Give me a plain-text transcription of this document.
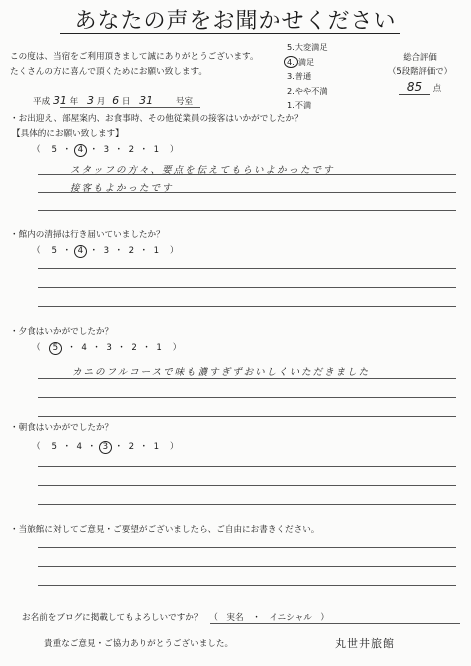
あなたの声をお聞かせください
この度は、当宿をご利用頂きまして誠にありがとうございます。
たくさんの方に喜んで頂くためにお願い致します。
5.大変満足
4. 満足
3.普通
2.やや不満
1.不満
総合評価
（5段階評価で）
85 点
平成 31 年 3 月 6 日 31	号室
・お出迎え、部屋案内、お食事時、その他従業員の接客はいかがでしたか？
【具体的にお願い致します】
（    5  ・ 4 ・  3  ・  2  ・  1    ）
スタッフの方々、要点を伝えてもらいよかったです
接客もよかったです
・館内の清掃は行き届いていましたか？
（    5  ・ 4 ・  3  ・  2  ・  1    ）
・夕食はいかがでしたか？
（   5  ・  4  ・  3  ・  2  ・  1    ）
カニのフルコースで味も濃すぎずおいしくいただきました
・朝食はいかがでしたか？
（    5  ・  4  ・ 3 ・  2  ・  1    ）
・当旅館に対してご意見・ご要望がございましたら、ご自由にお書きください。
お名前をブログに掲載してもよろしいですか？ （　実名　・　イニシャル　）
貴重なご意見・ご協力ありがとうございました。	丸世井旅館
